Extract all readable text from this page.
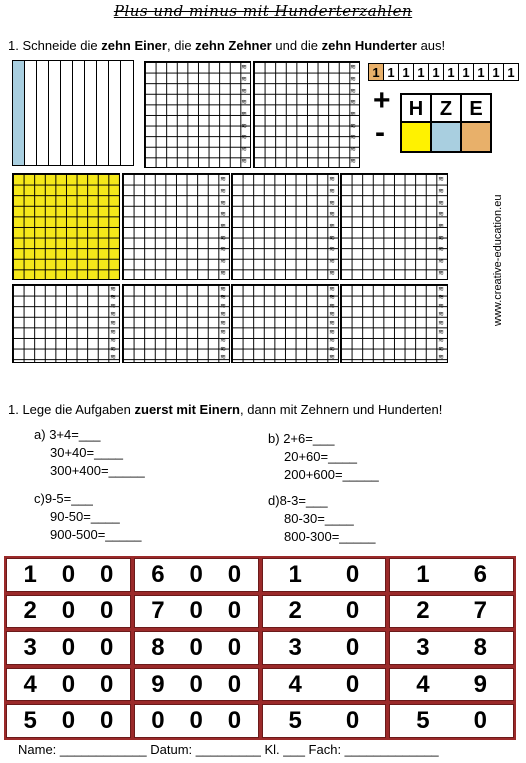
Plus und minus mit Hunderterzahlen
1. Schneide die zehn Einer, die zehn Zehner und die zehn Hunderter aus!
≋
≋
≋
≋
≋
≋
≋
≋
≋
≋
≋
≋
≋
≋
≋
≋
≋
≋
≋
≋
≋
≋
≋
≋
≋
≋
≋
≋
≋
≋
≋
≋
≋
≋
≋
≋
≋
≋
≋
≋
≋
≋
≋
≋
≋
≋
≋
≋
≋
≋
≋
≋
≋
≋
≋
≋
≋
≋
≋
≋
≋
≋
≋
≋
≋
≋
≋
≋
≋
≋
≋
≋
≋
≋
≋
≋
≋
≋
≋
≋
≋
1 1 1 1 1 1 1 1 1 1
+
-
H Z E
www.creative-education.eu
1. Lege die Aufgaben zuerst mit Einern, dann mit Zehnern und Hunderten!
a) 3+4=___
30+40=____
300+400=_____
b) 2+6=___
20+60=____
200+600=_____
c)9-5=___
90-50=____
900-500=_____
d)8-3=___
80-30=____
800-300=_____
1 0 0 6 0 0 1 0 1 6
2 0 0 7 0 0 2 0 2 7
3 0 0 8 0 0 3 0 3 8
4 0 0 9 0 0 4 0 4 9
5 0 0 0 0 0 5 0 5 0
Name: ____________ Datum: _________ Kl. ___ Fach: _____________
